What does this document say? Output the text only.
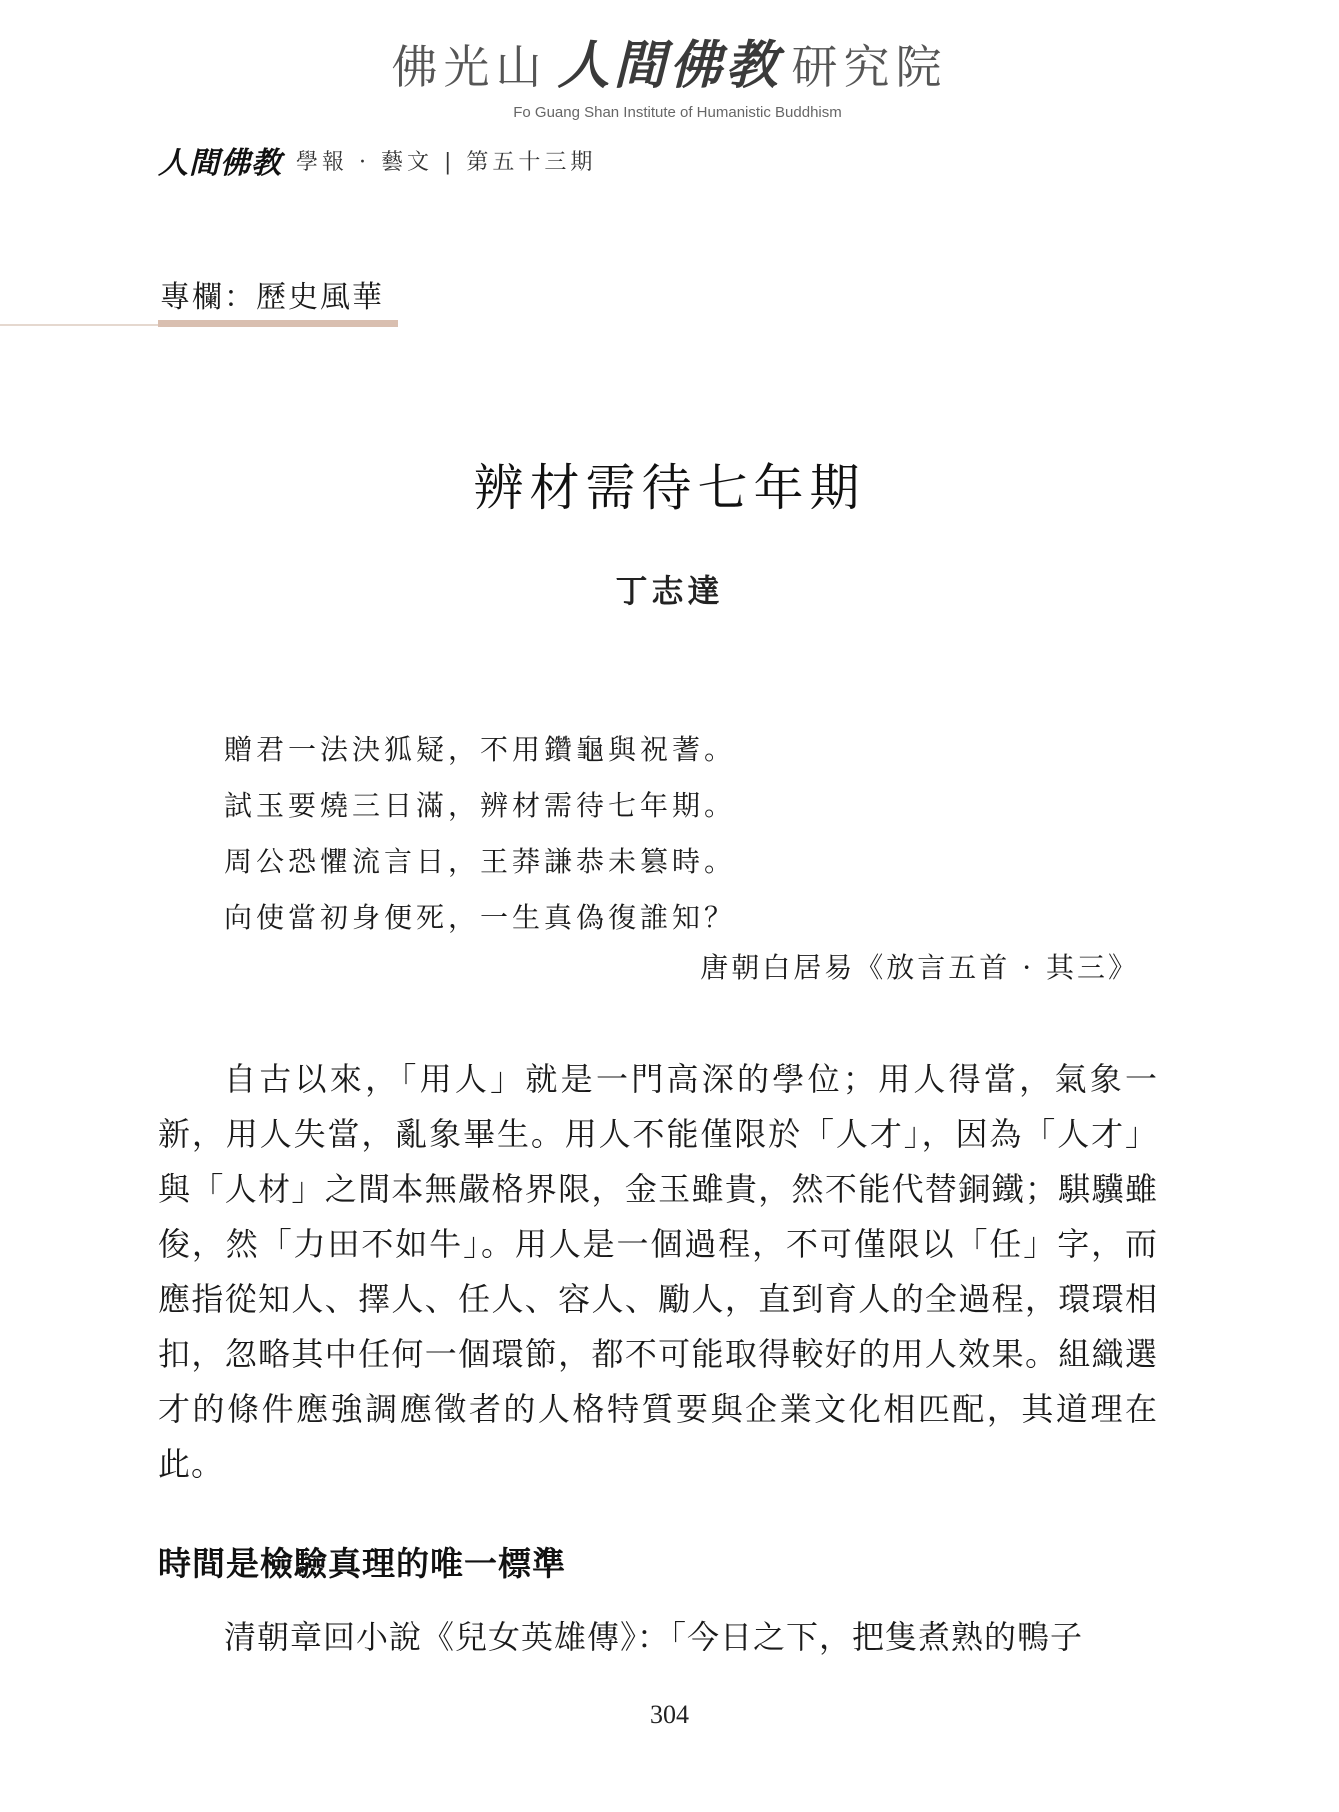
佛光山 人間佛教 研究院
Fo Guang Shan Institute of Humanistic Buddhism
人間佛教 學報 · 藝文 | 第五十三期
專欄：歷史風華
辨材需待七年期
丁志達
贈君一法決狐疑，不用鑽龜與祝蓍。
試玉要燒三日滿，辨材需待七年期。
周公恐懼流言日，王莽謙恭未篡時。
向使當初身便死，一生真偽復誰知？
唐朝白居易《放言五首 · 其三》

自古以來，「用人」就是一門高深的學位；用人得當，氣象一新，用人失當，亂象畢生。用人不能僅限於「人才」，因為「人才」與「人材」之間本無嚴格界限，金玉雖貴，然不能代替銅鐵；騏驥雖俊，然「力田不如牛」。用人是一個過程，不可僅限以「任」字，而應指從知人、擇人、任人、容人、勵人，直到育人的全過程，環環相扣，忽略其中任何一個環節，都不可能取得較好的用人效果。組織選才的條件應強調應徵者的人格特質要與企業文化相匹配，其道理在此。

時間是檢驗真理的唯一標準

清朝章回小說《兒女英雄傳》：「今日之下，把隻煮熟的鴨子

304
